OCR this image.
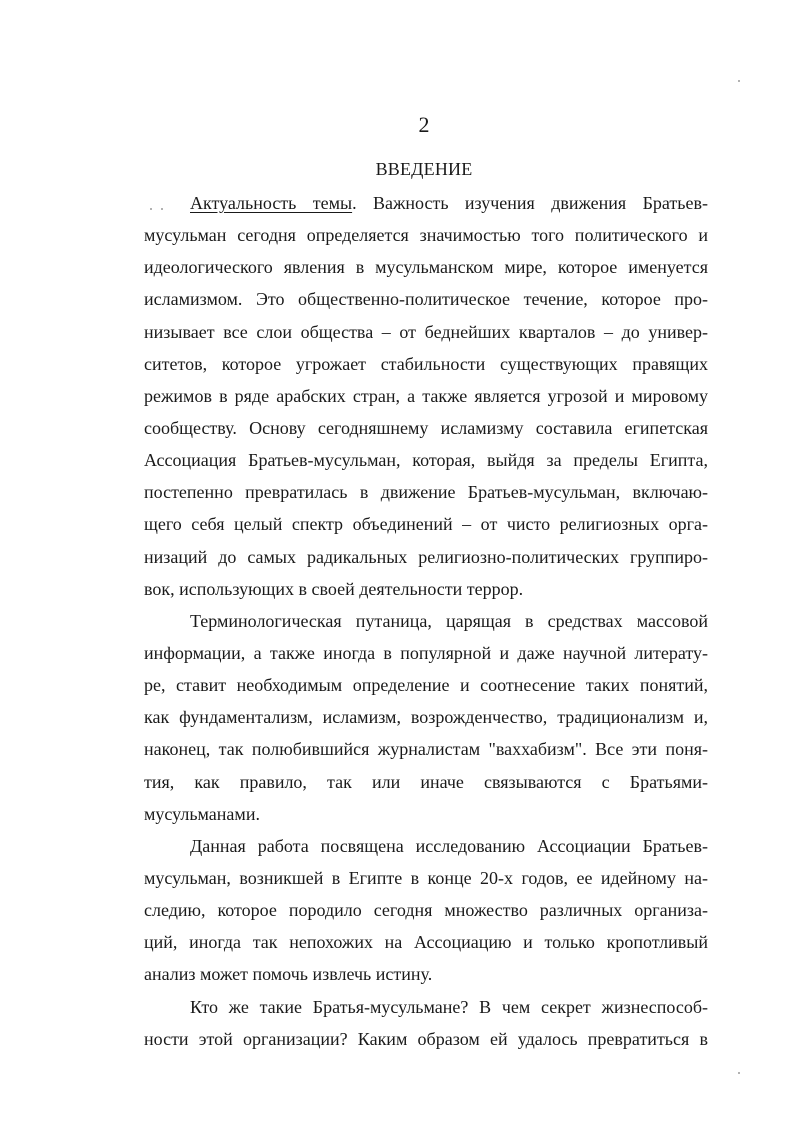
2
ВВЕДЕНИЕ
Актуальность темы. Важность изучения движения Братьев-
мусульман сегодня определяется значимостью того политического и
идеологического явления в мусульманском мире, которое именуется
исламизмом. Это общественно-политическое течение, которое про-
низывает все слои общества – от беднейших кварталов – до универ-
ситетов, которое угрожает стабильности существующих правящих
режимов в ряде арабских стран, а также является угрозой и мировому
сообществу. Основу сегодняшнему исламизму составила египетская
Ассоциация Братьев-мусульман, которая, выйдя за пределы Египта,
постепенно превратилась в движение Братьев-мусульман, включаю-
щего себя целый спектр объединений – от чисто религиозных орга-
низаций до самых радикальных религиозно-политических группиро-
вок, использующих в своей деятельности террор.
Терминологическая путаница, царящая в средствах массовой
информации, а также иногда в популярной и даже научной литерату-
ре, ставит необходимым определение и соотнесение таких понятий,
как фундаментализм, исламизм, возрожденчество, традиционализм и,
наконец, так полюбившийся журналистам "ваххабизм". Все эти поня-
тия, как правило, так или иначе связываются с Братьями-
мусульманами.
Данная работа посвящена исследованию Ассоциации Братьев-
мусульман, возникшей в Египте в конце 20-х годов, ее идейному на-
следию, которое породило сегодня множество различных организа-
ций, иногда так непохожих на Ассоциацию и только кропотливый
анализ может помочь извлечь истину.
Кто же такие Братья-мусульмане? В чем секрет жизнеспособ-
ности этой организации? Каким образом ей удалось превратиться в
